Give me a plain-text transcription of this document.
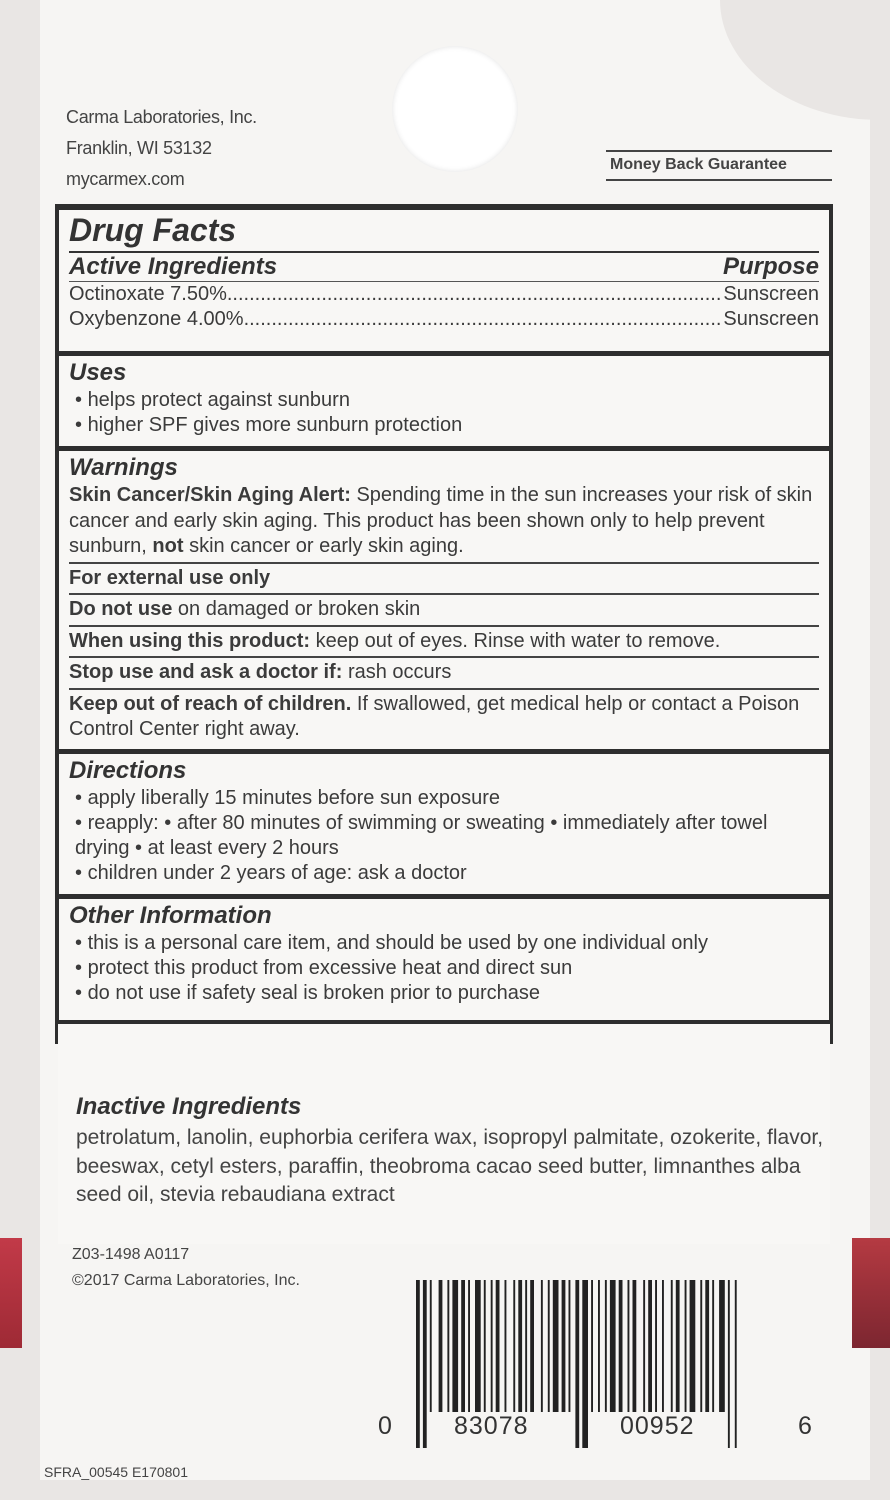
Carma Laboratories, Inc.
Franklin, WI 53132
mycarmex.com
Money Back Guarantee
Drug Facts
Active Ingredients	Purpose
Octinoxate 7.50% .....	Sunscreen
Oxybenzone 4.00% .....	Sunscreen
Uses
• helps protect against sunburn
• higher SPF gives more sunburn protection
Warnings
Skin Cancer/Skin Aging Alert: Spending time in the sun increases your risk of skin cancer and early skin aging. This product has been shown only to help prevent sunburn, not skin cancer or early skin aging.
For external use only
Do not use on damaged or broken skin
When using this product: keep out of eyes. Rinse with water to remove.
Stop use and ask a doctor if: rash occurs
Keep out of reach of children. If swallowed, get medical help or contact a Poison Control Center right away.
Directions
• apply liberally 15 minutes before sun exposure
• reapply: • after 80 minutes of swimming or sweating • immediately after towel drying • at least every 2 hours
• children under 2 years of age: ask a doctor
Other Information
• this is a personal care item, and should be used by one individual only
• protect this product from excessive heat and direct sun
• do not use if safety seal is broken prior to purchase
Inactive Ingredients
petrolatum, lanolin, euphorbia cerifera wax, isopropyl palmitate, ozokerite, flavor, beeswax, cetyl esters, paraffin, theobroma cacao seed butter, limnanthes alba seed oil, stevia rebaudiana extract
Z03-1498 A0117
©2017 Carma Laboratories, Inc.
0 83078	00952	6
SFRA_00545 E170801
